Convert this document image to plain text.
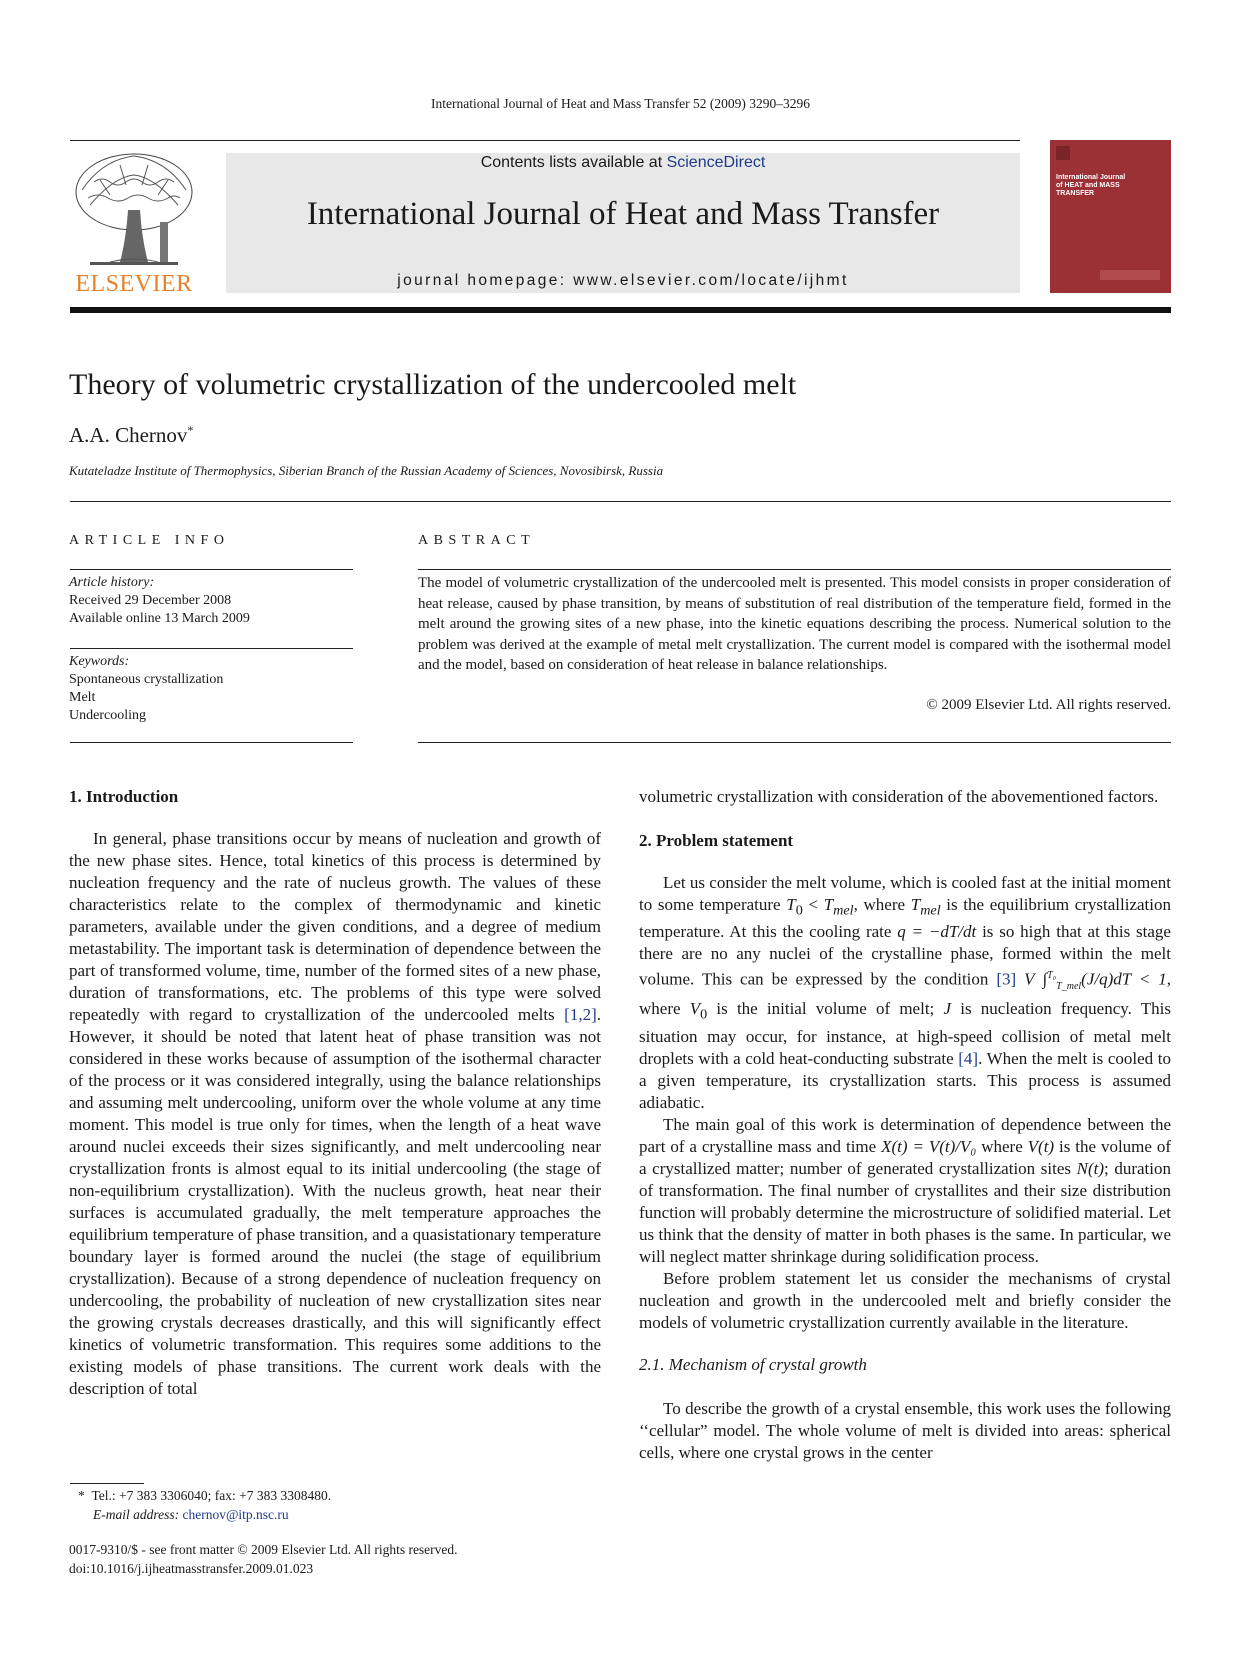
International Journal of Heat and Mass Transfer 52 (2009) 3290–3296
ELSEVIER
Contents lists available at ScienceDirect
International Journal of Heat and Mass Transfer
journal homepage: www.elsevier.com/locate/ijhmt
International Journal of HEAT and MASS TRANSFER
Theory of volumetric crystallization of the undercooled melt
A.A. Chernov*
Kutateladze Institute of Thermophysics, Siberian Branch of the Russian Academy of Sciences, Novosibirsk, Russia
ARTICLE INFO
Article history:
Received 29 December 2008
Available online 13 March 2009
Keywords:
Spontaneous crystallization
Melt
Undercooling
ABSTRACT
The model of volumetric crystallization of the undercooled melt is presented. This model consists in proper consideration of heat release, caused by phase transition, by means of substitution of real distribution of the temperature field, formed in the melt around the growing sites of a new phase, into the kinetic equations describing the process. Numerical solution to the problem was derived at the example of metal melt crystallization. The current model is compared with the isothermal model and the model, based on consideration of heat release in balance relationships.
© 2009 Elsevier Ltd. All rights reserved.
1. Introduction

In general, phase transitions occur by means of nucleation and growth of the new phase sites. Hence, total kinetics of this process is determined by nucleation frequency and the rate of nucleus growth. The values of these characteristics relate to the complex of thermodynamic and kinetic parameters, available under the given conditions, and a degree of medium metastability. The important task is determination of dependence between the part of transformed volume, time, number of the formed sites of a new phase, duration of transformations, etc. The problems of this type were solved repeatedly with regard to crystallization of the undercooled melts [1,2]. However, it should be noted that latent heat of phase transition was not considered in these works because of assumption of the isothermal character of the process or it was considered integrally, using the balance relationships and assuming melt undercooling, uniform over the whole volume at any time moment. This model is true only for times, when the length of a heat wave around nuclei exceeds their sizes significantly, and melt undercooling near crystallization fronts is almost equal to its initial undercooling (the stage of non-equilibrium crystallization). With the nucleus growth, heat near their surfaces is accumulated gradually, the melt temperature approaches the equilibrium temperature of phase transition, and a quasistationary temperature boundary layer is formed around the nuclei (the stage of equilibrium crystallization). Because of a strong dependence of nucleation frequency on undercooling, the probability of nucleation of new crystallization sites near the growing crystals decreases drastically, and this will significantly effect kinetics of volumetric transformation. This requires some additions to the existing models of phase transitions. The current work deals with the description of total

volumetric crystallization with consideration of the abovementioned factors.

2. Problem statement

Let us consider the melt volume, which is cooled fast at the initial moment to some temperature $T_0 < T_{mel}$, where $T_{mel}$ is the equilibrium crystallization temperature. At this the cooling rate q = −dT/dt is so high that at this stage there are no any nuclei of the crystalline phase, formed within the melt volume. This can be expressed by the condition [3] V ∫$^{T_0}_{T\_mel}$(J/q)dT < 1, where $V_0$ is the initial volume of melt; J is nucleation frequency. This situation may occur, for instance, at high-speed collision of metal melt droplets with a cold heat-conducting substrate [4]. When the melt is cooled to a given temperature, its crystallization starts. This process is assumed adiabatic.

The main goal of this work is determination of dependence between the part of a crystalline mass and time X(t) = V(t)/V₀ where V(t) is the volume of a crystallized matter; number of generated crystallization sites N(t); duration of transformation. The final number of crystallites and their size distribution function will probably determine the microstructure of solidified material. Let us think that the density of matter in both phases is the same. In particular, we will neglect matter shrinkage during solidification process.

Before problem statement let us consider the mechanisms of crystal nucleation and growth in the undercooled melt and briefly consider the models of volumetric crystallization currently available in the literature.

2.1. Mechanism of crystal growth

To describe the growth of a crystal ensemble, this work uses the following ‘‘cellular” model. The whole volume of melt is divided into areas: spherical cells, where one crystal grows in the center

* Tel.: +7 383 3306040; fax: +7 383 3308480.
E-mail address: chernov@itp.nsc.ru
0017-9310/$ - see front matter © 2009 Elsevier Ltd. All rights reserved.
doi:10.1016/j.ijheatmasstransfer.2009.01.023
